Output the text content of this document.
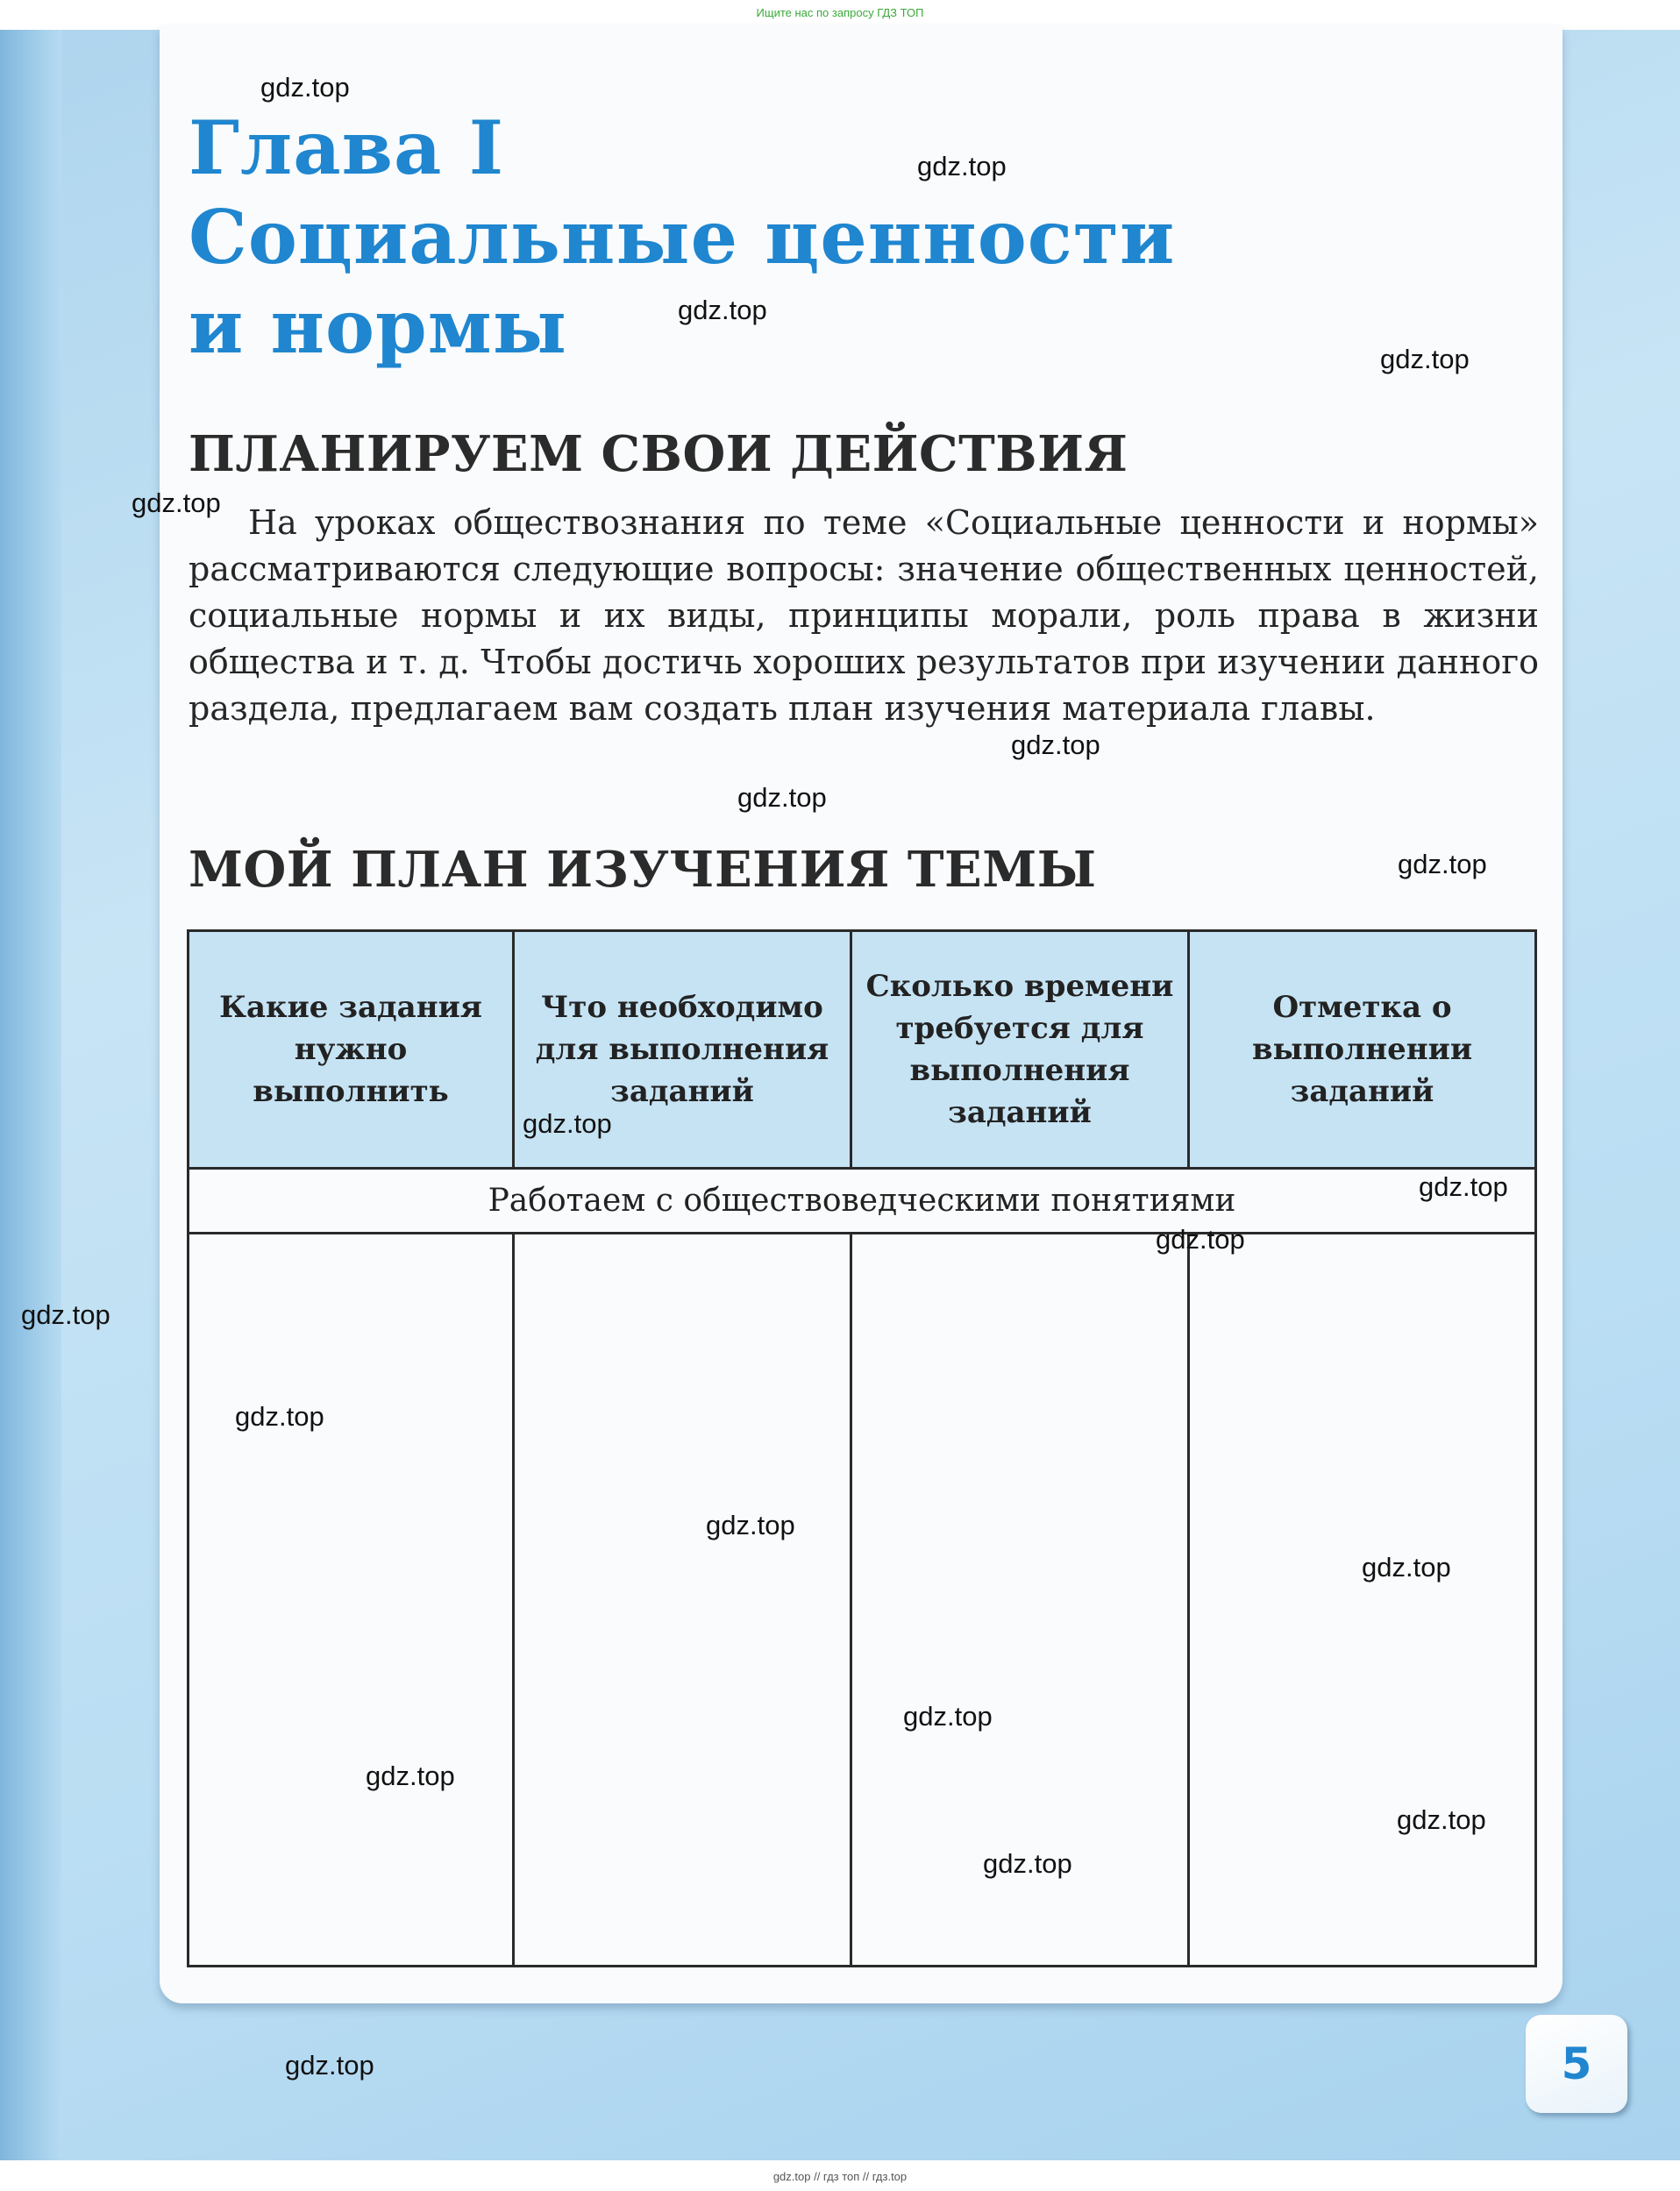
Ищите нас по запросу ГДЗ ТОП
Глава I
Социальные ценности
и нормы
ПЛАНИРУЕМ СВОИ ДЕЙСТВИЯ

На уроках обществознания по теме «Социальные ценности и нормы» рассматриваются следующие вопросы: значение общественных ценностей, социальные нормы и их виды, принципы морали, роль права в жизни общества и т. д. Чтобы достичь хороших результатов при изучении данного раздела, предлагаем вам создать план изучения материала главы.

МОЙ ПЛАН ИЗУЧЕНИЯ ТЕМЫ
Какие задания нужно выполнить
Что необходимо для выполнения заданий
Сколько времени требуется для выполнения заданий
Отметка о выполнении заданий
Работаем с обществоведческими понятиями
5
gdz.top
gdz.top
gdz.top
gdz.top
gdz.top
gdz.top
gdz.top
gdz.top
gdz.top
gdz.top
gdz.top
gdz.top
gdz.top
gdz.top
gdz.top
gdz.top
gdz.top
gdz.top
gdz.top
gdz.top
gdz.top // гдз топ // гдз.top
